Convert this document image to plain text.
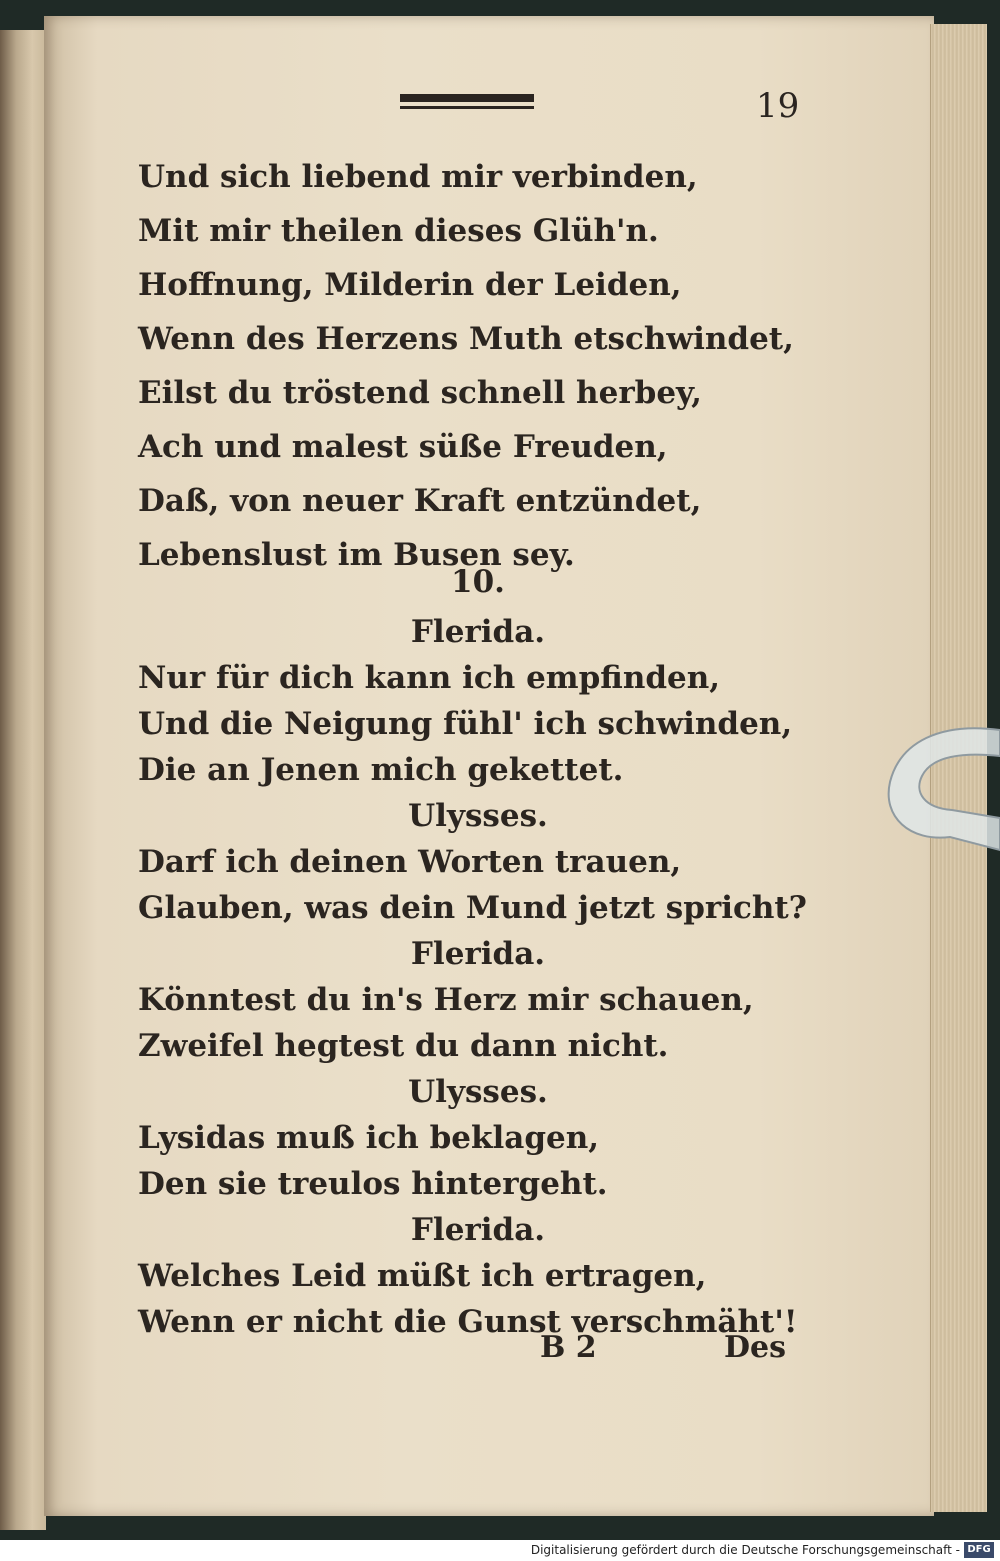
19
Und sich liebend mir verbinden,
Mit mir theilen dieses Glüh'n.
Hoffnung, Milderin der Leiden,
Wenn des Herzens Muth etschwindet,
Eilst du tröstend schnell herbey,
Ach und malest süße Freuden,
Daß, von neuer Kraft entzündet,
Lebenslust im Busen sey.
10.
Flerida.
Nur für dich kann ich empfinden,
Und die Neigung fühl' ich schwinden,
Die an Jenen mich gekettet.
Ulysses.
Darf ich deinen Worten trauen,
Glauben, was dein Mund jetzt spricht?
Flerida.
Könntest du in's Herz mir schauen,
Zweifel hegtest du dann nicht.
Ulysses.
Lysidas muß ich beklagen,
Den sie treulos hintergeht.
Flerida.
Welches Leid müßt ich ertragen,
Wenn er nicht die Gunst verschmäht'!
B 2	Des
Digitalisierung gefördert durch die Deutsche Forschungsgemeinschaft - DFG
